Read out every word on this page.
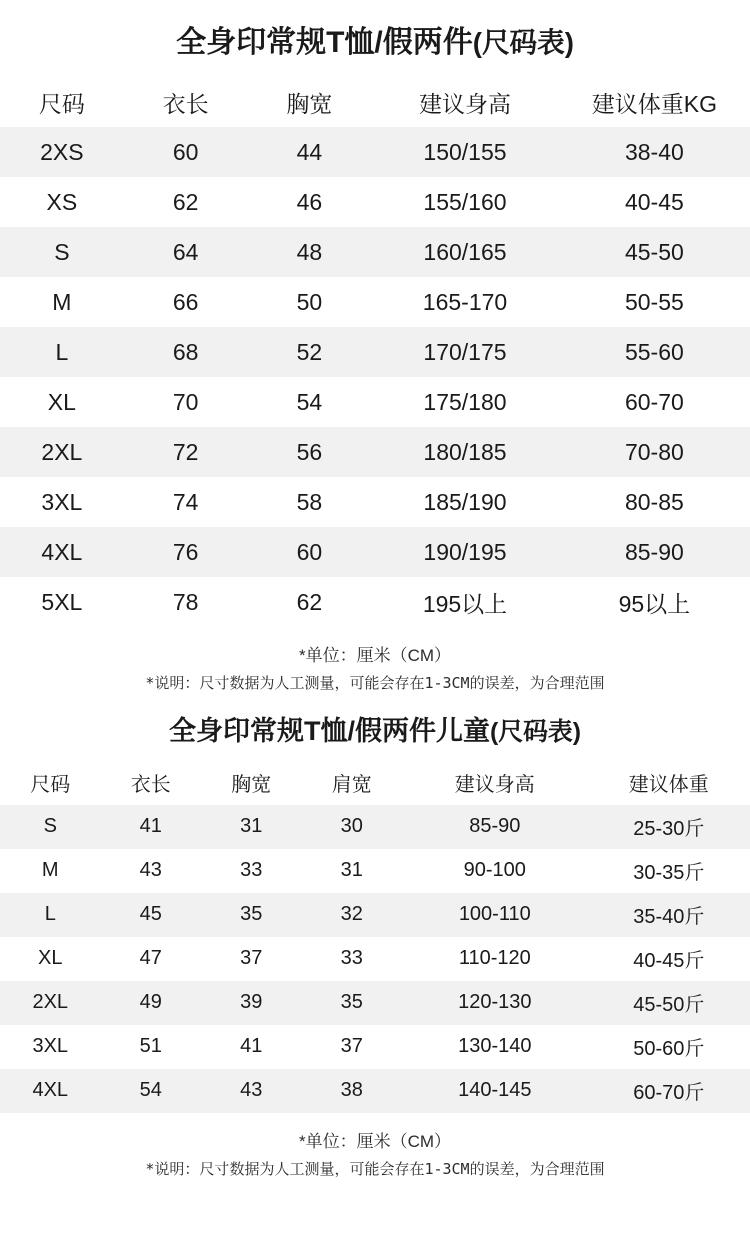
全身印常规T恤/假两件(尺码表)
尺码	衣长	胸宽	建议身高	建议体重KG
2XS	60	44	150/155	38-40
XS	62	46	155/160	40-45
S	64	48	160/165	45-50
M	66	50	165-170	50-55
L	68	52	170/175	55-60
XL	70	54	175/180	60-70
2XL	72	56	180/185	70-80
3XL	74	58	185/190	80-85
4XL	76	60	190/195	85-90
5XL	78	62	195以上	95以上
*单位：厘米（CM）
*说明：尺寸数据为人工测量，可能会存在1-3CM的误差，为合理范围
全身印常规T恤/假两件儿童(尺码表)
尺码	衣长	胸宽	肩宽	建议身高	建议体重
S	41	31	30	85-90	25-30斤
M	43	33	31	90-100	30-35斤
L	45	35	32	100-110	35-40斤
XL	47	37	33	110-120	40-45斤
2XL	49	39	35	120-130	45-50斤
3XL	51	41	37	130-140	50-60斤
4XL	54	43	38	140-145	60-70斤
*单位：厘米（CM）
*说明：尺寸数据为人工测量，可能会存在1-3CM的误差，为合理范围
